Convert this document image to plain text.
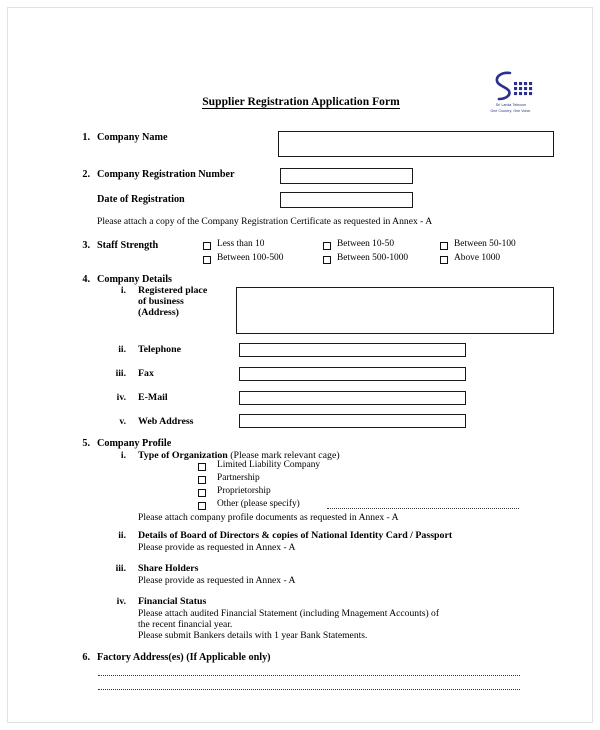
Sri Lanka Telecom
One Country. One Voice.
Supplier Registration Application Form
1. Company Name
2. Company Registration Number
Date of Registration
Please attach a copy of the Company Registration Certificate as requested in Annex - A
3. Staff Strength	Less than 10	Between 10-50	Between 50-100
Between 100-500	Between 500-1000	Above 1000
4. Company Details
i. Registered place
of business
(Address)
ii. Telephone
iii. Fax
iv. E-Mail
v. Web Address
5. Company Profile
i. Type of Organization (Please mark relevant cage)
Limited Liability Company
Partnership
Proprietorship
Other (please specify)
Please attach company profile documents as requested in Annex - A
ii. Details of Board of Directors & copies of National Identity Card / Passport
Please provide as requested in Annex - A
iii. Share Holders
Please provide as requested in Annex - A
iv. Financial Status
Please attach audited Financial Statement (including Mnagement Accounts) of
the recent financial year.
Please submit Bankers details with 1 year Bank Statements.
6. Factory Address(es) (If Applicable only)
